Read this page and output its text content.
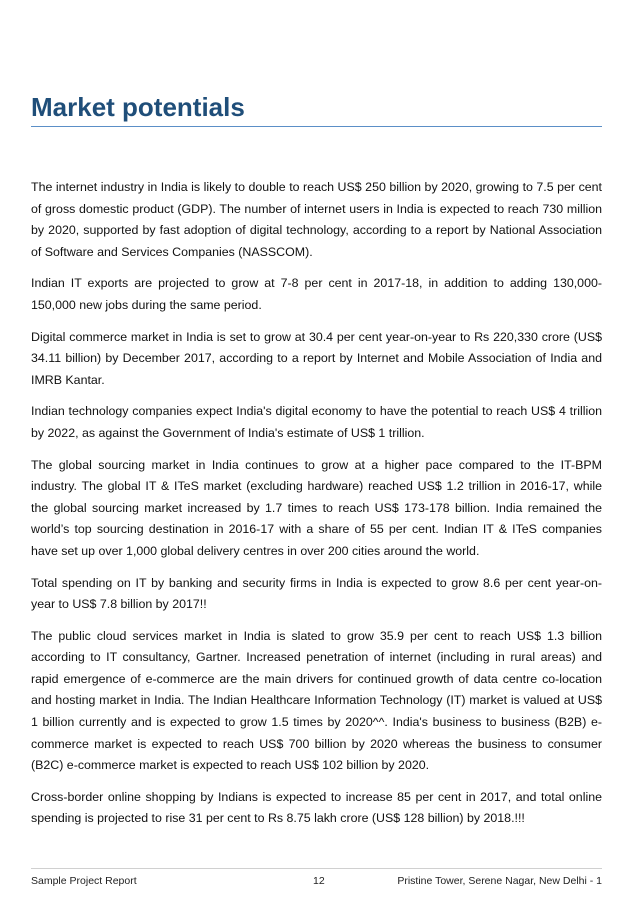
Market potentials

The internet industry in India is likely to double to reach US$ 250 billion by 2020, growing to 7.5 per cent of gross domestic product (GDP). The number of internet users in India is expected to reach 730 million by 2020, supported by fast adoption of digital technology, according to a report by National Association of Software and Services Companies (NASSCOM).

Indian IT exports are projected to grow at 7-8 per cent in 2017-18, in addition to adding 130,000-150,000 new jobs during the same period.

Digital commerce market in India is set to grow at 30.4 per cent year-on-year to Rs 220,330 crore (US$ 34.11 billion) by December 2017, according to a report by Internet and Mobile Association of India and IMRB Kantar.

Indian technology companies expect India's digital economy to have the potential to reach US$ 4 trillion by 2022, as against the Government of India's estimate of US$ 1 trillion.

The global sourcing market in India continues to grow at a higher pace compared to the IT-BPM industry. The global IT & ITeS market (excluding hardware) reached US$ 1.2 trillion in 2016-17, while the global sourcing market increased by 1.7 times to reach US$ 173-178 billion. India remained the world’s top sourcing destination in 2016-17 with a share of 55 per cent. Indian IT & ITeS companies have set up over 1,000 global delivery centres in over 200 cities around the world.

Total spending on IT by banking and security firms in India is expected to grow 8.6 per cent year-on-year to US$ 7.8 billion by 2017!!

The public cloud services market in India is slated to grow 35.9 per cent to reach US$ 1.3 billion according to IT consultancy, Gartner. Increased penetration of internet (including in rural areas) and rapid emergence of e-commerce are the main drivers for continued growth of data centre co-location and hosting market in India. The Indian Healthcare Information Technology (IT) market is valued at US$ 1 billion currently and is expected to grow 1.5 times by 2020^^. India's business to business (B2B) e-commerce market is expected to reach US$ 700 billion by 2020 whereas the business to consumer (B2C) e-commerce market is expected to reach US$ 102 billion by 2020.

Cross-border online shopping by Indians is expected to increase 85 per cent in 2017, and total online spending is projected to rise 31 per cent to Rs 8.75 lakh crore (US$ 128 billion) by 2018.!!!

Sample Project Report	12	Pristine Tower, Serene Nagar, New Delhi - 1
